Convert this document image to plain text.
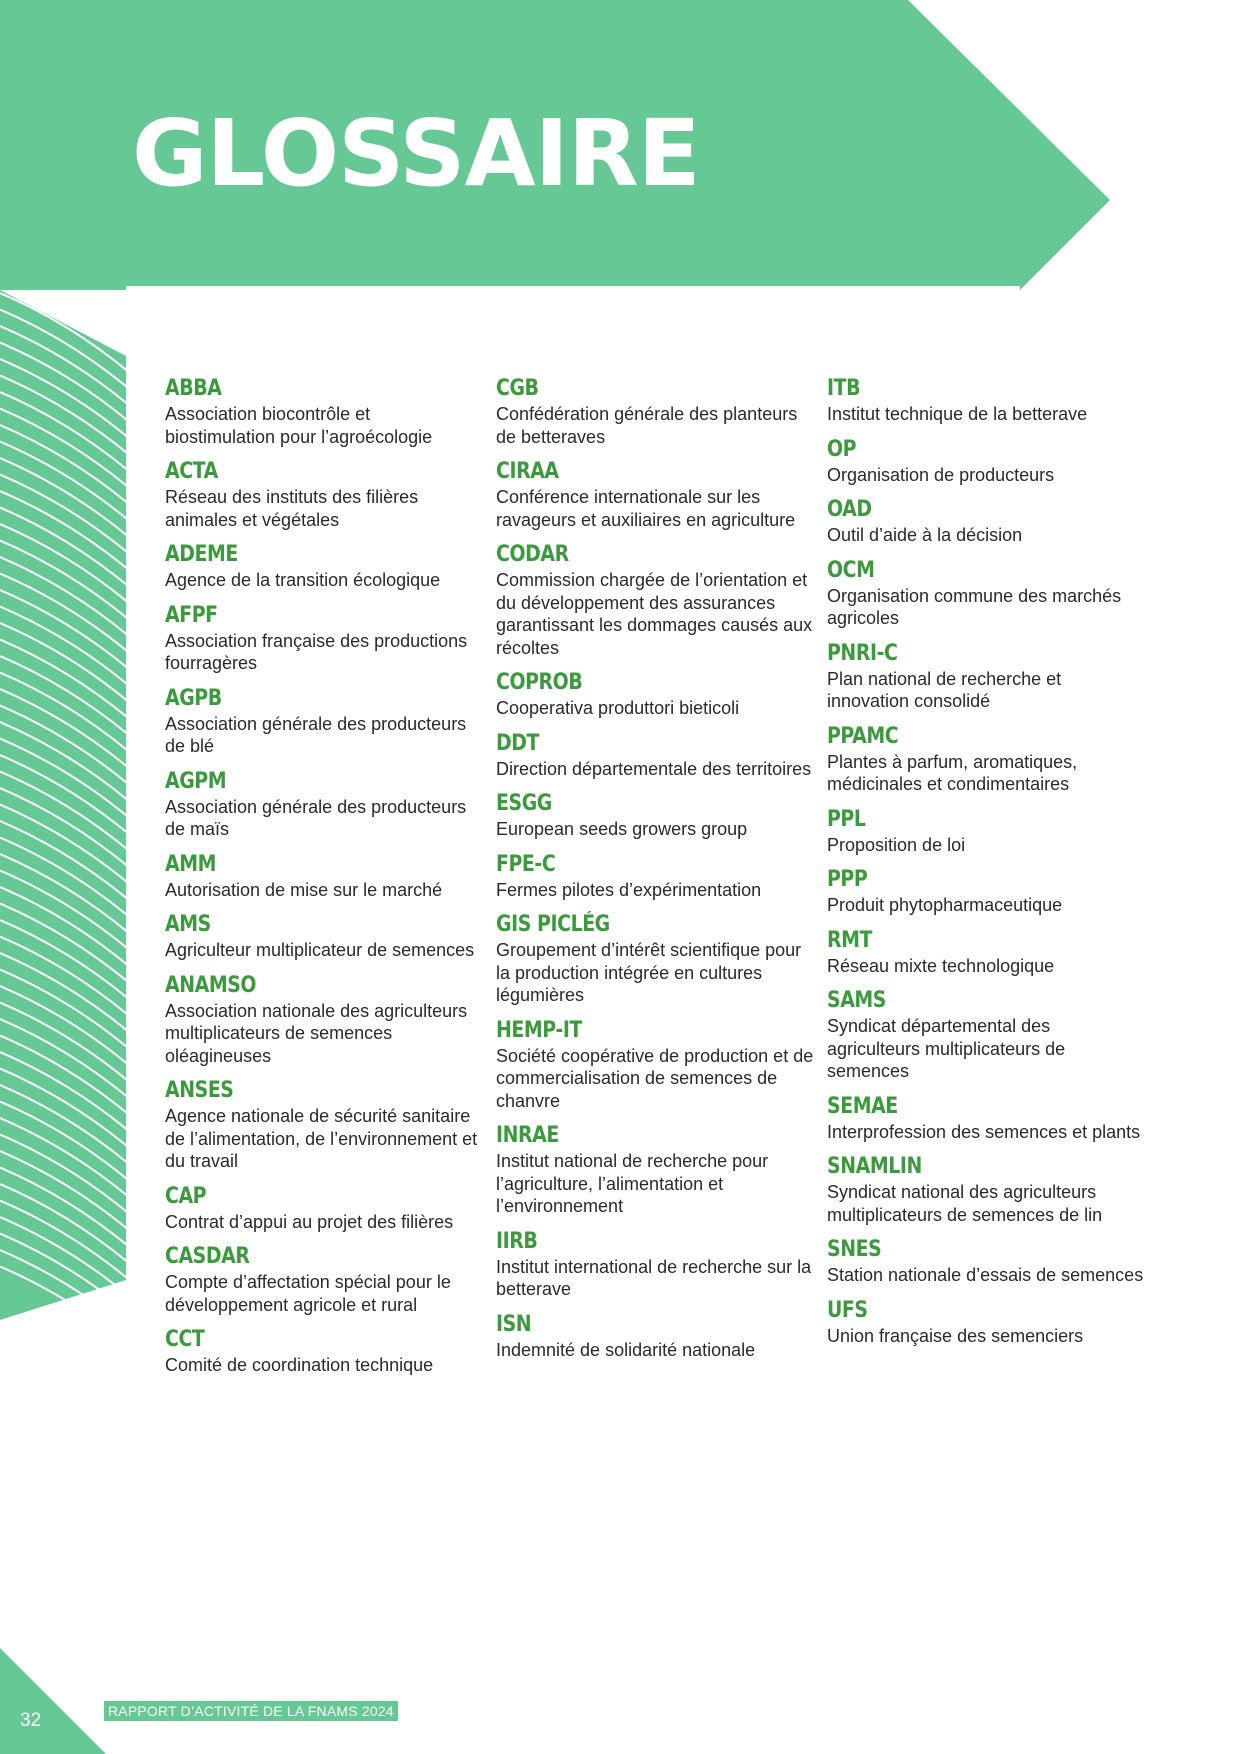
GLOSSAIRE
ABBA
Association biocontrôle et biostimulation pour l’agroécologie
ACTA
Réseau des instituts des filières animales et végétales
ADEME
Agence de la transition écologique
AFPF
Association française des productions fourragères
AGPB
Association générale des producteurs de blé
AGPM
Association générale des producteurs de maïs
AMM
Autorisation de mise sur le marché
AMS
Agriculteur multiplicateur de semences
ANAMSO
Association nationale des agriculteurs multiplicateurs de semences oléagineuses
ANSES
Agence nationale de sécurité sanitaire de l’alimentation, de l’environnement et du travail
CAP
Contrat d’appui au projet des filières
CASDAR
Compte d’affectation spécial pour le développement agricole et rural
CCT
Comité de coordination technique
CGB
Confédération générale des planteurs de betteraves
CIRAA
Conférence internationale sur les ravageurs et auxiliaires en agriculture
CODAR
Commission chargée de l’orientation et du développement des assurances garantissant les dommages causés aux récoltes
COPROB
Cooperativa produttori bieticoli
DDT
Direction départementale des territoires
ESGG
European seeds growers group
FPE-C
Fermes pilotes d’expérimentation
GIS PICLÉG
Groupement d’intérêt scientifique pour la production intégrée en cultures légumières
HEMP-IT
Société coopérative de production et de commercialisation de semences de chanvre
INRAE
Institut national de recherche pour l’agriculture, l’alimentation et l’environnement
IIRB
Institut international de recherche sur la betterave
ISN
Indemnité de solidarité nationale
ITB
Institut technique de la betterave
OP
Organisation de producteurs
OAD
Outil d’aide à la décision
OCM
Organisation commune des marchés agricoles
PNRI-C
Plan national de recherche et innovation consolidé
PPAMC
Plantes à parfum, aromatiques, médicinales et condimentaires
PPL
Proposition de loi
PPP
Produit phytopharmaceutique
RMT
Réseau mixte technologique
SAMS
Syndicat départemental des agriculteurs multiplicateurs de semences
SEMAE
Interprofession des semences et plants
SNAMLIN
Syndicat national des agriculteurs multiplicateurs de semences de lin
SNES
Station nationale d’essais de semences
UFS
Union française des semenciers
32	RAPPORT D’ACTIVITÉ DE LA FNAMS 2024
